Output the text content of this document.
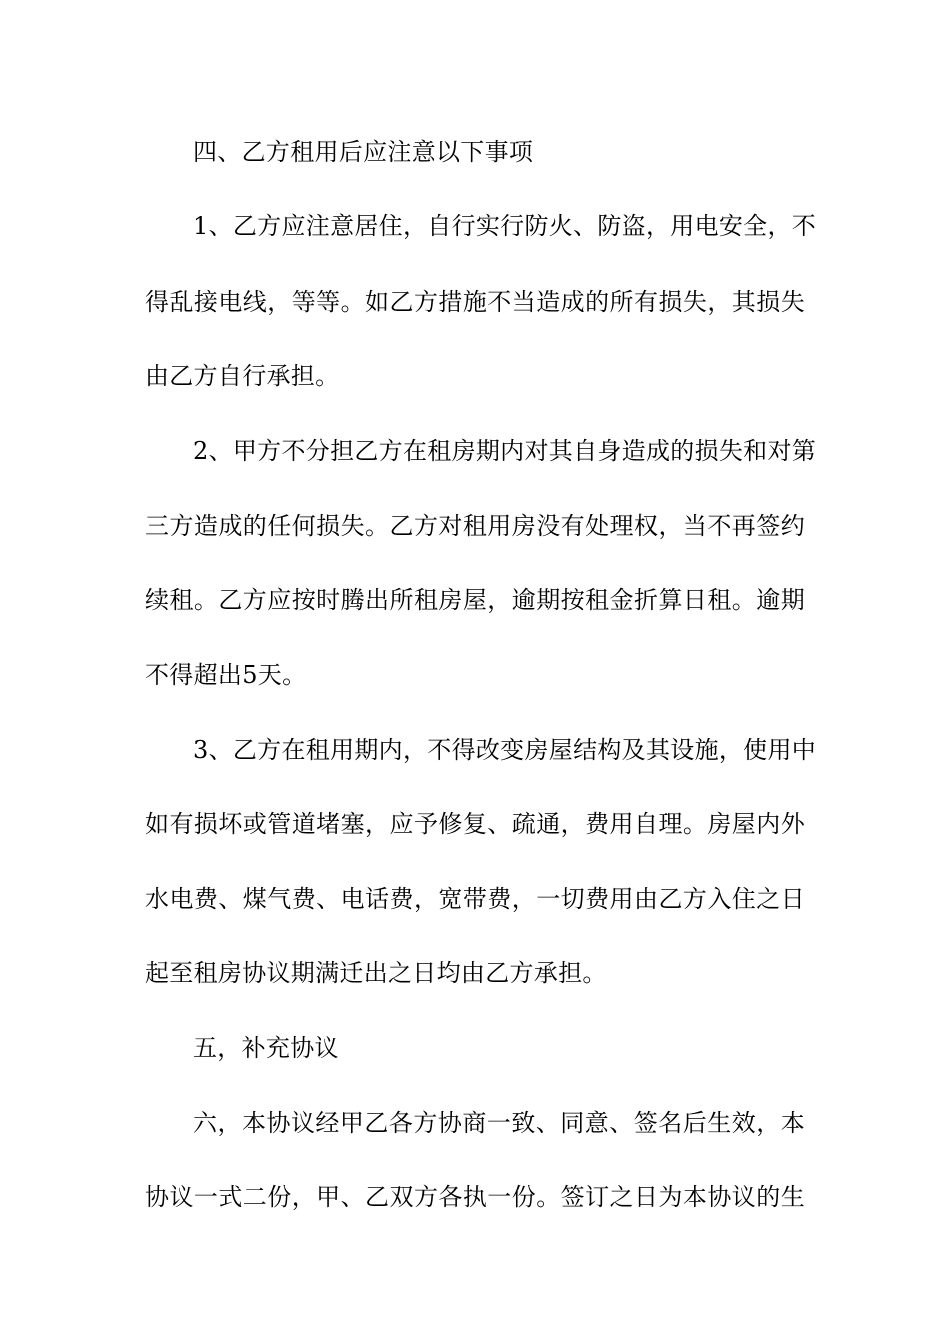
四、乙方租用后应注意以下事项
1、乙方应注意居住，自行实行防火、防盗，用电安全，不
得乱接电线，等等。如乙方措施不当造成的所有损失，其损失
由乙方自行承担。
2、甲方不分担乙方在租房期内对其自身造成的损失和对第
三方造成的任何损失。乙方对租用房没有处理权，当不再签约
续租。乙方应按时腾出所租房屋，逾期按租金折算日租。逾期
不得超出5天。
3、乙方在租用期内，不得改变房屋结构及其设施，使用中
如有损坏或管道堵塞，应予修复、疏通，费用自理。房屋内外
水电费、煤气费、电话费，宽带费，一切费用由乙方入住之日
起至租房协议期满迁出之日均由乙方承担。
五，补充协议
六，本协议经甲乙各方协商一致、同意、签名后生效，本
协议一式二份，甲、乙双方各执一份。签订之日为本协议的生
